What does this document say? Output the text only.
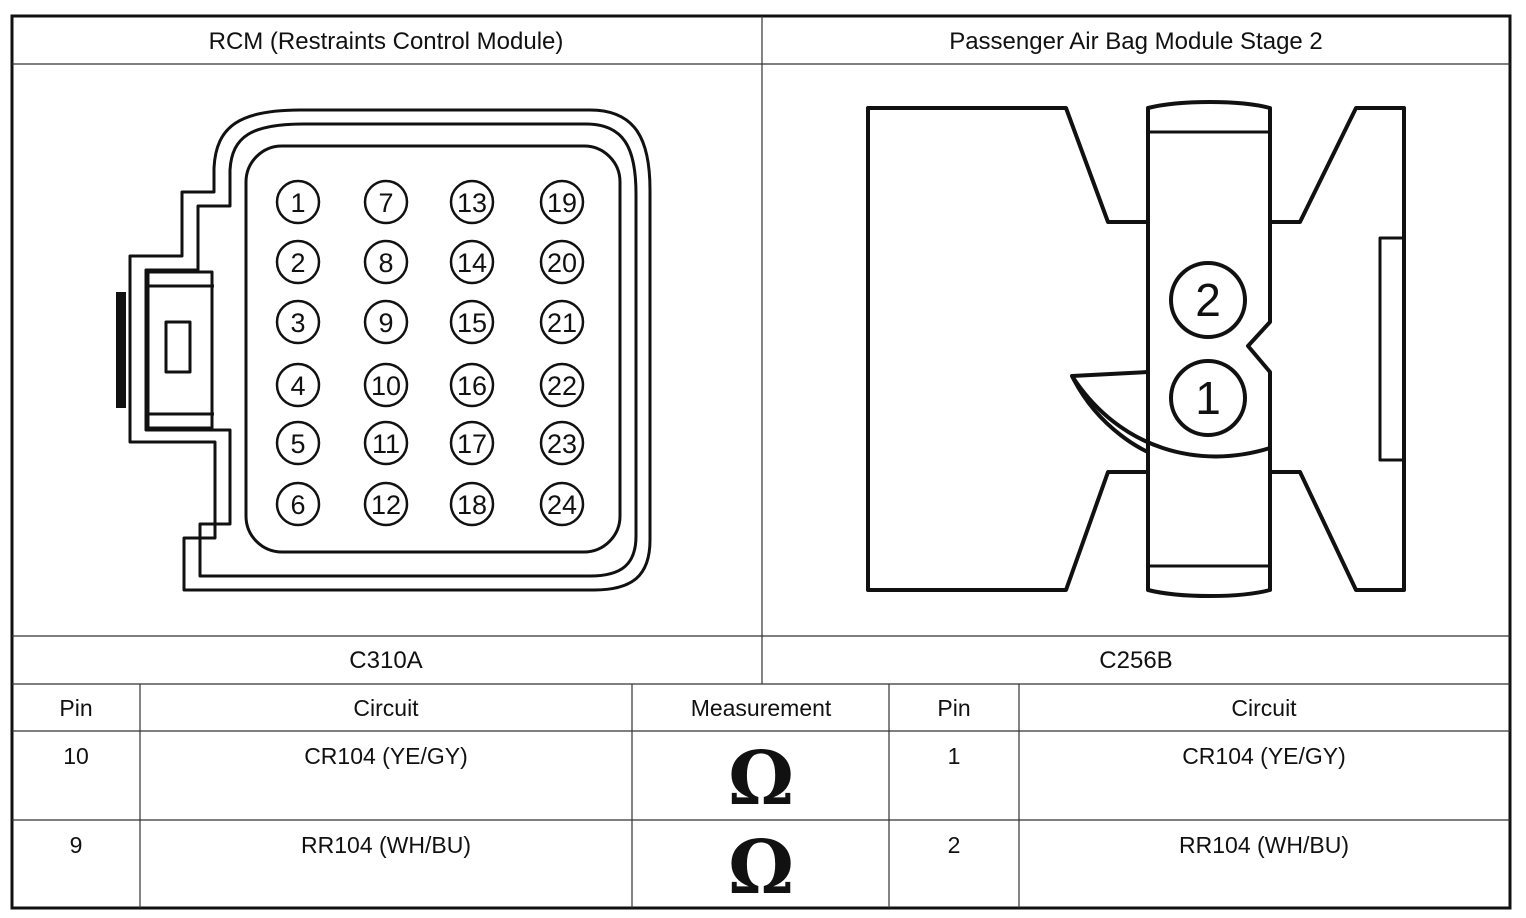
RCM (Restraints Control Module)	Passenger Air Bag Module Stage 2
C310A	C256B
1
2
3
4
5
6
7
8
9
10
11
12
13
14
15
16
17
18
19
20
21
22
23
24
2
1
Pin	Circuit	Measurement	Pin	Circuit
10	CR104 (YE/GY)	Ω	1	CR104 (YE/GY)
9	RR104 (WH/BU)	Ω	2	RR104 (WH/BU)
